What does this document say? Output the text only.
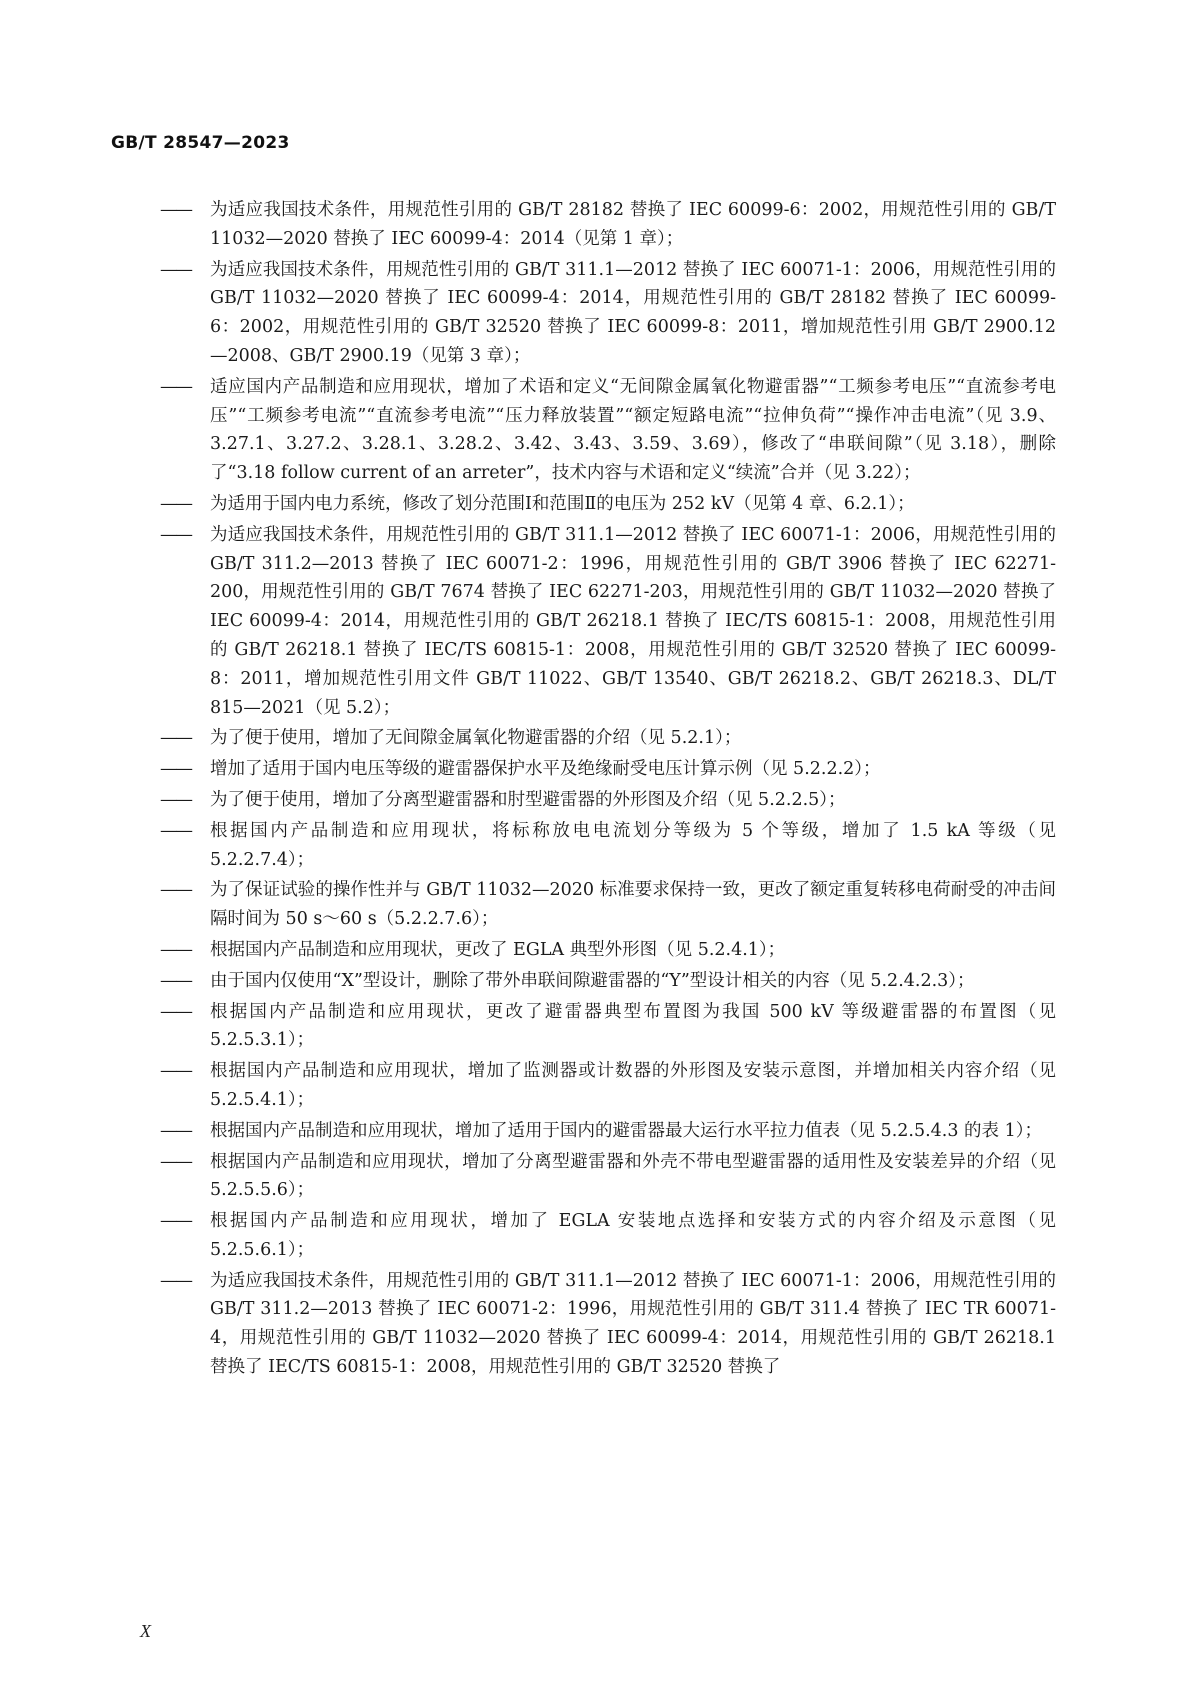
GB/T 28547—2023
——	为适应我国技术条件，用规范性引用的 GB/T 28182 替换了 IEC 60099-6：2002，用规范性引用的 GB/T 11032—2020 替换了 IEC 60099-4：2014（见第 1 章）；
——	为适应我国技术条件，用规范性引用的 GB/T 311.1—2012 替换了 IEC 60071-1：2006，用规范性引用的 GB/T 11032—2020 替换了 IEC 60099-4：2014，用规范性引用的 GB/T 28182 替换了 IEC 60099-6：2002，用规范性引用的 GB/T 32520 替换了 IEC 60099-8：2011，增加规范性引用 GB/T 2900.12—2008、GB/T 2900.19（见第 3 章）；
——	适应国内产品制造和应用现状，增加了术语和定义“无间隙金属氧化物避雷器”“工频参考电压”“直流参考电压”“工频参考电流”“直流参考电流”“压力释放装置”“额定短路电流”“拉伸负荷”“操作冲击电流”（见 3.9、3.27.1、3.27.2、3.28.1、3.28.2、3.42、3.43、3.59、3.69），修改了“串联间隙”（见 3.18），删除了“3.18 follow current of an arreter”，技术内容与术语和定义“续流”合并（见 3.22）；
——	为适用于国内电力系统，修改了划分范围Ⅰ和范围Ⅱ的电压为 252 kV（见第 4 章、6.2.1）；
——	为适应我国技术条件，用规范性引用的 GB/T 311.1—2012 替换了 IEC 60071-1：2006，用规范性引用的 GB/T 311.2—2013 替换了 IEC 60071-2：1996，用规范性引用的 GB/T 3906 替换了 IEC 62271-200，用规范性引用的 GB/T 7674 替换了 IEC 62271-203，用规范性引用的 GB/T 11032—2020 替换了 IEC 60099-4：2014，用规范性引用的 GB/T 26218.1 替换了 IEC/TS 60815-1：2008，用规范性引用的 GB/T 26218.1 替换了 IEC/TS 60815-1：2008，用规范性引用的 GB/T 32520 替换了 IEC 60099-8：2011，增加规范性引用文件 GB/T 11022、GB/T 13540、GB/T 26218.2、GB/T 26218.3、DL/T 815—2021（见 5.2）；
——	为了便于使用，增加了无间隙金属氧化物避雷器的介绍（见 5.2.1）；
——	增加了适用于国内电压等级的避雷器保护水平及绝缘耐受电压计算示例（见 5.2.2.2）；
——	为了便于使用，增加了分离型避雷器和肘型避雷器的外形图及介绍（见 5.2.2.5）；
——	根据国内产品制造和应用现状，将标称放电电流划分等级为 5 个等级，增加了 1.5 kA 等级（见 5.2.2.7.4）；
——	为了保证试验的操作性并与 GB/T 11032—2020 标准要求保持一致，更改了额定重复转移电荷耐受的冲击间隔时间为 50 s～60 s（5.2.2.7.6）；
——	根据国内产品制造和应用现状，更改了 EGLA 典型外形图（见 5.2.4.1）；
——	由于国内仅使用“X”型设计，删除了带外串联间隙避雷器的“Y”型设计相关的内容（见 5.2.4.2.3）；
——	根据国内产品制造和应用现状，更改了避雷器典型布置图为我国 500 kV 等级避雷器的布置图（见 5.2.5.3.1）；
——	根据国内产品制造和应用现状，增加了监测器或计数器的外形图及安装示意图，并增加相关内容介绍（见 5.2.5.4.1）；
——	根据国内产品制造和应用现状，增加了适用于国内的避雷器最大运行水平拉力值表（见 5.2.5.4.3 的表 1）；
——	根据国内产品制造和应用现状，增加了分离型避雷器和外壳不带电型避雷器的适用性及安装差异的介绍（见 5.2.5.5.6）；
——	根据国内产品制造和应用现状，增加了 EGLA 安装地点选择和安装方式的内容介绍及示意图（见 5.2.5.6.1）；
——	为适应我国技术条件，用规范性引用的 GB/T 311.1—2012 替换了 IEC 60071-1：2006，用规范性引用的 GB/T 311.2—2013 替换了 IEC 60071-2：1996，用规范性引用的 GB/T 311.4 替换了 IEC TR 60071-4，用规范性引用的 GB/T 11032—2020 替换了 IEC 60099-4：2014，用规范性引用的 GB/T 26218.1 替换了 IEC/TS 60815-1：2008，用规范性引用的 GB/T 32520 替换了
X
